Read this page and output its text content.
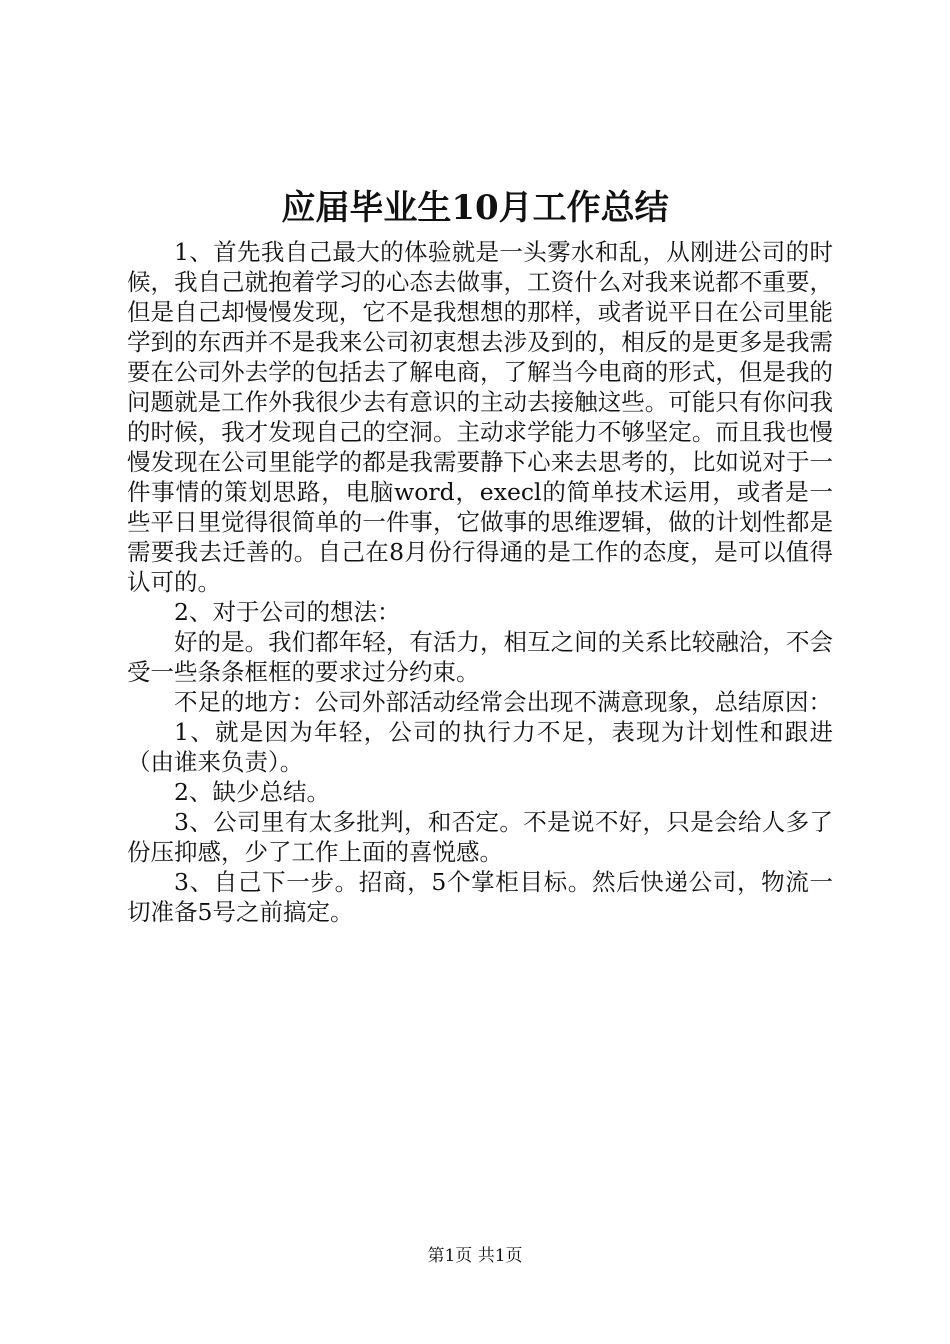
应届毕业生10月工作总结

1、首先我自己最大的体验就是一头雾水和乱，从刚进公司的时候，我自己就抱着学习的心态去做事，工资什么对我来说都不重要，但是自己却慢慢发现，它不是我想想的那样，或者说平日在公司里能学到的东西并不是我来公司初衷想去涉及到的，相反的是更多是我需要在公司外去学的包括去了解电商，了解当今电商的形式，但是我的问题就是工作外我很少去有意识的主动去接触这些。可能只有你问我的时候，我才发现自己的空洞。主动求学能力不够坚定。而且我也慢慢发现在公司里能学的都是我需要静下心来去思考的，比如说对于一件事情的策划思路，电脑word，execl的简单技术运用，或者是一些平日里觉得很简单的一件事，它做事的思维逻辑，做的计划性都是需要我去迁善的。自己在8月份行得通的是工作的态度，是可以值得认可的。

2、对于公司的想法：

好的是。我们都年轻，有活力，相互之间的关系比较融洽，不会受一些条条框框的要求过分约束。

不足的地方：公司外部活动经常会出现不满意现象，总结原因：

1、就是因为年轻，公司的执行力不足，表现为计划性和跟进（由谁来负责）。

2、缺少总结。

3、公司里有太多批判，和否定。不是说不好，只是会给人多了份压抑感，少了工作上面的喜悦感。

3、自己下一步。招商，5个掌柜目标。然后快递公司，物流一切准备5号之前搞定。

第1页 共1页
